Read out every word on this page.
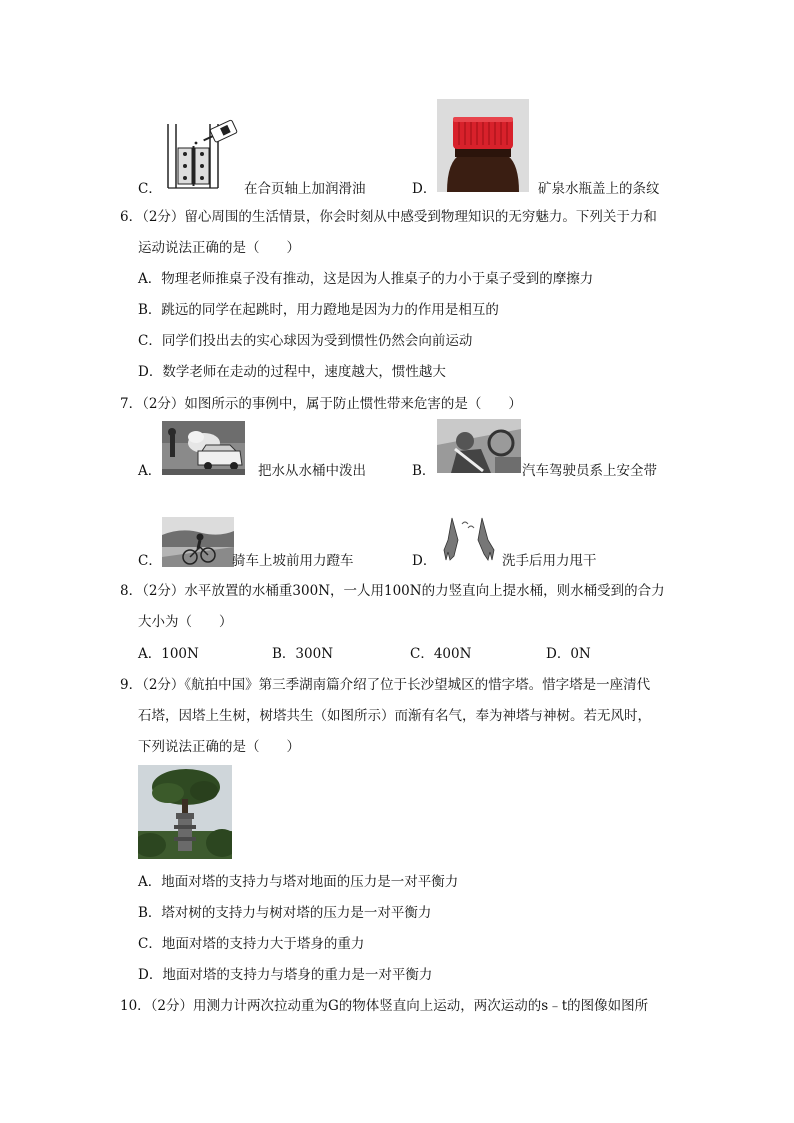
C．	在合页轴上加润滑油	D．	矿泉水瓶盖上的条纹
6．（2分）留心周围的生活情景，你会时刻从中感受到物理知识的无穷魅力。下列关于力和
运动说法正确的是（　　）
A．物理老师推桌子没有推动，这是因为人推桌子的力小于桌子受到的摩擦力
B．跳远的同学在起跳时，用力蹬地是因为力的作用是相互的
C．同学们投出去的实心球因为受到惯性仍然会向前运动
D．数学老师在走动的过程中，速度越大，惯性越大
7．（2分）如图所示的事例中，属于防止惯性带来危害的是（　　）
A．	把水从水桶中泼出	B．	汽车驾驶员系上安全带
C．	骑车上坡前用力蹬车	D．	洗手后用力甩干
8．（2分）水平放置的水桶重300N，一人用100N的力竖直向上提水桶，则水桶受到的合力
大小为（　　）
A．100N	B．300N	C．400N	D．0N
9．（2分）《航拍中国》第三季湖南篇介绍了位于长沙望城区的惜字塔。惜字塔是一座清代
石塔，因塔上生树，树塔共生（如图所示）而渐有名气，奉为神塔与神树。若无风时，
下列说法正确的是（　　）
A．地面对塔的支持力与塔对地面的压力是一对平衡力
B．塔对树的支持力与树对塔的压力是一对平衡力
C．地面对塔的支持力大于塔身的重力
D．地面对塔的支持力与塔身的重力是一对平衡力
10．（2分）用测力计两次拉动重为G的物体竖直向上运动，两次运动的s﹣t的图像如图所
